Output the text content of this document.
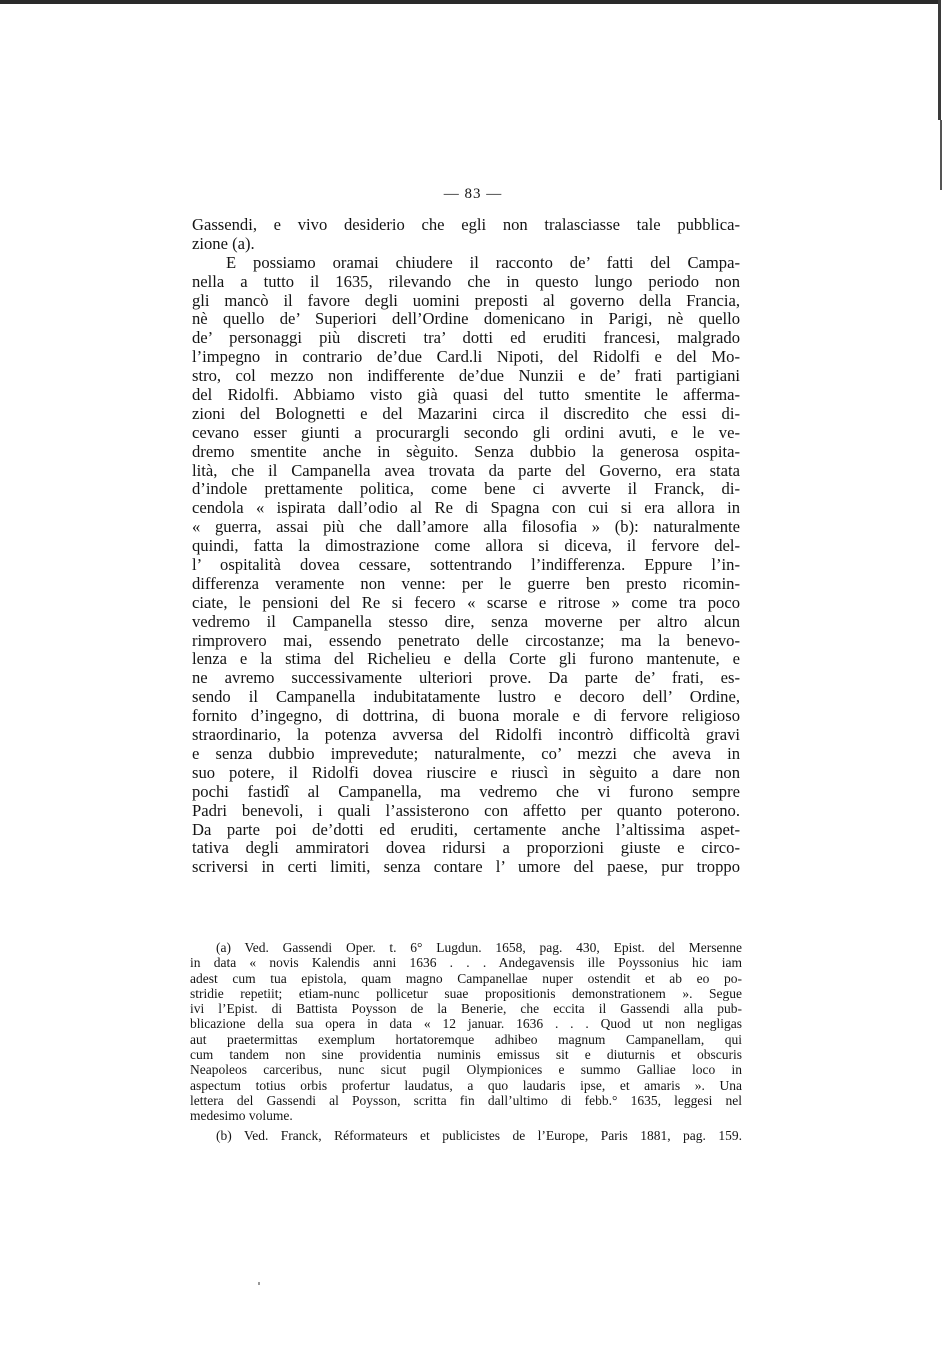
— 83 —
Gassendi, e vivo desiderio che egli non tralasciasse tale pubblica-
zione (a).
E possiamo oramai chiudere il racconto de’ fatti del Campa-
nella a tutto il 1635, rilevando che in questo lungo periodo non
gli mancò il favore degli uomini preposti al governo della Francia,
nè quello de’ Superiori dell’Ordine domenicano in Parigi, nè quello
de’ personaggi più discreti tra’ dotti ed eruditi francesi, malgrado
l’impegno in contrario de’due Card.li Nipoti, del Ridolfi e del Mo-
stro, col mezzo non indifferente de’due Nunzii e de’ frati partigiani
del Ridolfi. Abbiamo visto già quasi del tutto smentite le afferma-
zioni del Bolognetti e del Mazarini circa il discredito che essi di-
cevano esser giunti a procurargli secondo gli ordini avuti, e le ve-
dremo smentite anche in sèguito. Senza dubbio la generosa ospita-
lità, che il Campanella avea trovata da parte del Governo, era stata
d’indole prettamente politica, come bene ci avverte il Franck, di-
cendola « ispirata dall’odio al Re di Spagna con cui si era allora in
« guerra, assai più che dall’amore alla filosofia » (b): naturalmente
quindi, fatta la dimostrazione come allora si diceva, il fervore del-
l’ ospitalità dovea cessare, sottentrando l’indifferenza. Eppure l’in-
differenza veramente non venne: per le guerre ben presto ricomin-
ciate, le pensioni del Re si fecero « scarse e ritrose » come tra poco
vedremo il Campanella stesso dire, senza moverne per altro alcun
rimprovero mai, essendo penetrato delle circostanze; ma la benevo-
lenza e la stima del Richelieu e della Corte gli furono mantenute, e
ne avremo successivamente ulteriori prove. Da parte de’ frati, es-
sendo il Campanella indubitatamente lustro e decoro dell’ Ordine,
fornito d’ingegno, di dottrina, di buona morale e di fervore religioso
straordinario, la potenza avversa del Ridolfi incontrò difficoltà gravi
e senza dubbio imprevedute; naturalmente, co’ mezzi che aveva in
suo potere, il Ridolfi dovea riuscire e riuscì in sèguito a dare non
pochi fastidî al Campanella, ma vedremo che vi furono sempre
Padri benevoli, i quali l’assisterono con affetto per quanto poterono.
Da parte poi de’dotti ed eruditi, certamente anche l’altissima aspet-
tativa degli ammiratori dovea ridursi a proporzioni giuste e circo-
scriversi in certi limiti, senza contare l’ umore del paese, pur troppo
(a) Ved. Gassendi Oper. t. 6° Lugdun. 1658, pag. 430, Epist. del Mersenne
in data « novis Kalendis anni 1636 . . . Andegavensis ille Poyssonius hic iam
adest cum tua epistola, quam magno Campanellae nuper ostendit et ab eo po-
stridie repetiit; etiam-nunc pollicetur suae propositionis demonstrationem ». Segue
ivi l’Epist. di Battista Poysson de la Benerie, che eccita il Gassendi alla pub-
blicazione della sua opera in data « 12 januar. 1636 . . . Quod ut non negligas
aut praetermittas exemplum hortatoremque adhibeo magnum Campanellam, qui
cum tandem non sine providentia numinis emissus sit e diuturnis et obscuris
Neapoleos carceribus, nunc sicut pugil Olympionices e summo Galliae loco in
aspectum totius orbis profertur laudatus, a quo laudaris ipse, et amaris ». Una
lettera del Gassendi al Poysson, scritta fin dall’ultimo di febb.° 1635, leggesi nel
medesimo volume.
(b) Ved. Franck, Réformateurs et publicistes de l’Europe, Paris 1881, pag. 159.
